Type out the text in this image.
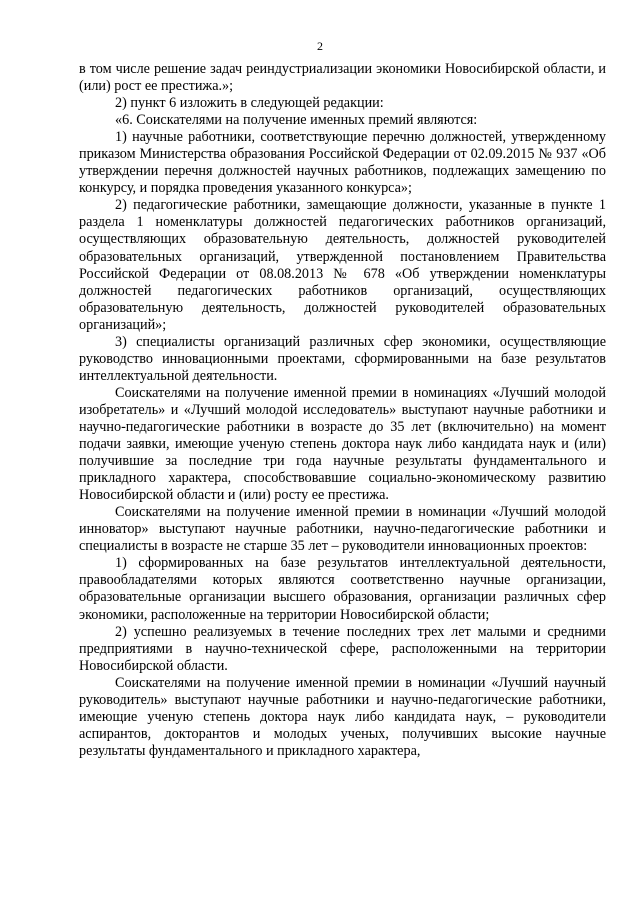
2

в том числе решение задач реиндустриализации экономики Новосибирской области, и (или) рост ее престижа.»;

2) пункт 6 изложить в следующей редакции:

«6. Соискателями на получение именных премий являются:

1) научные работники, соответствующие перечню должностей, утвержденному приказом Министерства образования Российской Федерации от 02.09.2015 № 937 «Об утверждении перечня должностей научных работников, подлежащих замещению по конкурсу, и порядка проведения указанного конкурса»;

2) педагогические работники, замещающие должности, указанные в пункте 1 раздела 1 номенклатуры должностей педагогических работников организаций, осуществляющих образовательную деятельность, должностей руководителей образовательных организаций, утвержденной постановлением Правительства Российской Федерации от 08.08.2013 № 678 «Об утверждении номенклатуры должностей педагогических работников организаций, осуществляющих образовательную деятельность, должностей руководителей образовательных организаций»;

3) специалисты организаций различных сфер экономики, осуществляющие руководство инновационными проектами, сформированными на базе результатов интеллектуальной деятельности.

Соискателями на получение именной премии в номинациях «Лучший молодой изобретатель» и «Лучший молодой исследователь» выступают научные работники и научно-педагогические работники в возрасте до 35 лет (включительно) на момент подачи заявки, имеющие ученую степень доктора наук либо кандидата наук и (или) получившие за последние три года научные результаты фундаментального и прикладного характера, способствовавшие социально-экономическому развитию Новосибирской области и (или) росту ее престижа.

Соискателями на получение именной премии в номинации «Лучший молодой инноватор» выступают научные работники, научно-педагогические работники и специалисты в возрасте не старше 35 лет – руководители инновационных проектов:

1) сформированных на базе результатов интеллектуальной деятельности, правообладателями которых являются соответственно научные организации, образовательные организации высшего образования, организации различных сфер экономики, расположенные на территории Новосибирской области;

2) успешно реализуемых в течение последних трех лет малыми и средними предприятиями в научно-технической сфере, расположенными на территории Новосибирской области.

Соискателями на получение именной премии в номинации «Лучший научный руководитель» выступают научные работники и научно-педагогические работники, имеющие ученую степень доктора наук либо кандидата наук, – руководители аспирантов, докторантов и молодых ученых, получивших высокие научные результаты фундаментального и прикладного характера,
